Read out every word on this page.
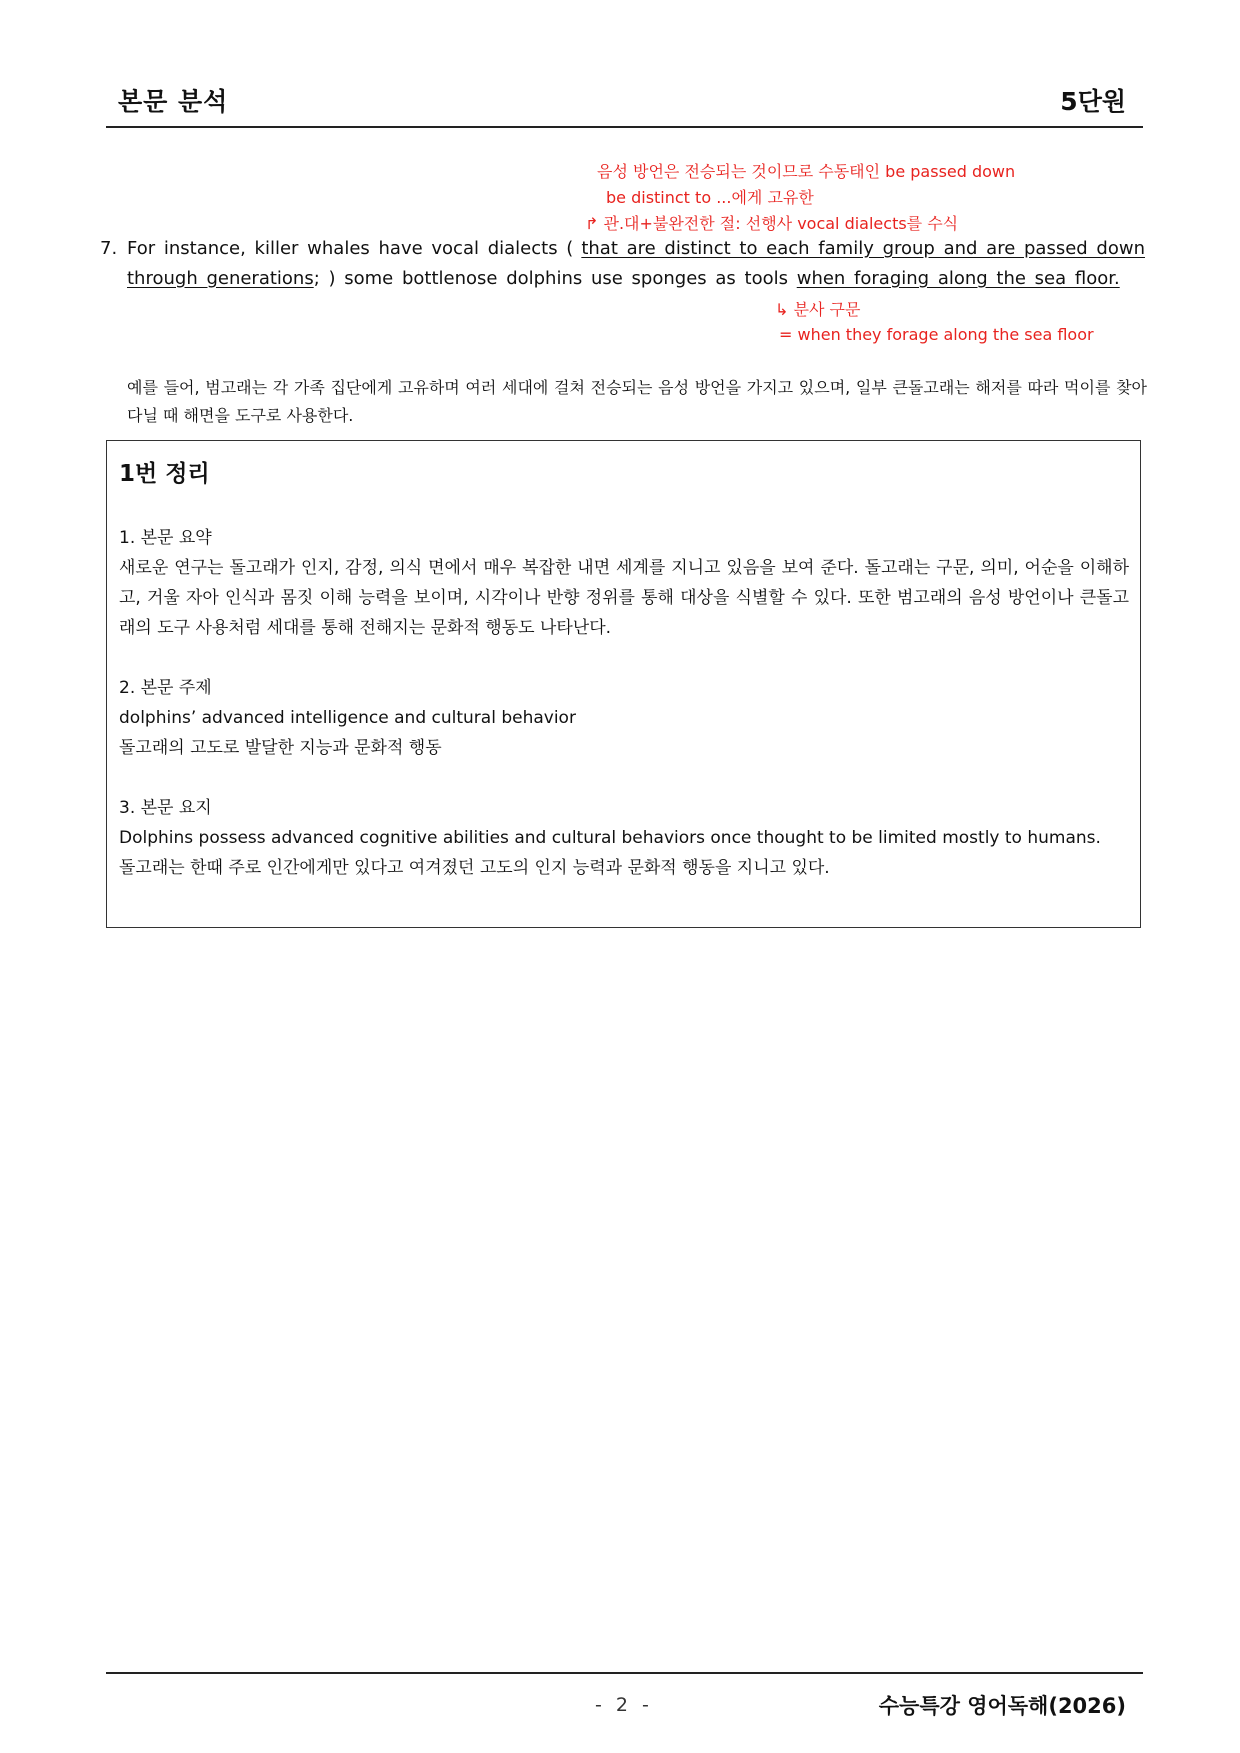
본문 분석	5단원
음성 방언은 전승되는 것이므로 수동태인 be passed down
be distinct to ...에게 고유한
↱ 관.대+불완전한 절: 선행사 vocal dialects를 수식
7. For instance, killer whales have vocal dialects ( that are distinct to each family group and are passed down
through generations; ) some bottlenose dolphins use sponges as tools when foraging along the sea floor.
↳ 분사 구문
= when they forage along the sea floor
예를 들어, 범고래는 각 가족 집단에게 고유하며 여러 세대에 걸쳐 전승되는 음성 방언을 가지고 있으며, 일부 큰돌고래는 해저를 따라 먹이를 찾아다닐 때 해면을 도구로 사용한다.
1번 정리

1. 본문 요약

새로운 연구는 돌고래가 인지, 감정, 의식 면에서 매우 복잡한 내면 세계를 지니고 있음을 보여 준다. 돌고래는 구문, 의미, 어순을 이해하고, 거울 자아 인식과 몸짓 이해 능력을 보이며, 시각이나 반향 정위를 통해 대상을 식별할 수 있다. 또한 범고래의 음성 방언이나 큰돌고래의 도구 사용처럼 세대를 통해 전해지는 문화적 행동도 나타난다.

2. 본문 주제

dolphins’ advanced intelligence and cultural behavior

돌고래의 고도로 발달한 지능과 문화적 행동

3. 본문 요지

Dolphins possess advanced cognitive abilities and cultural behaviors once thought to be limited mostly to humans.

돌고래는 한때 주로 인간에게만 있다고 여겨졌던 고도의 인지 능력과 문화적 행동을 지니고 있다.

- 2 -	수능특강 영어독해(2026)
